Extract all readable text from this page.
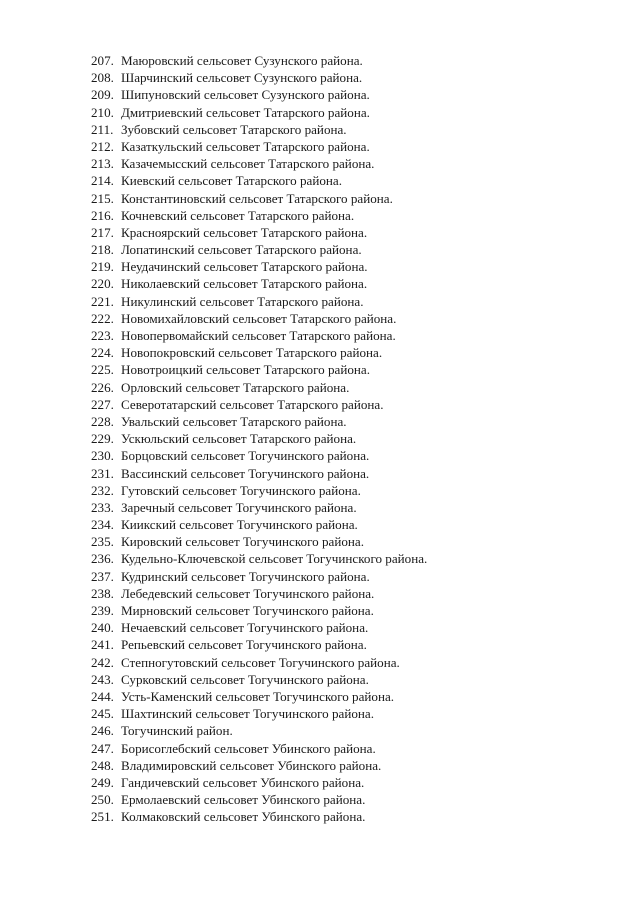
207. Маюровский сельсовет Сузунского района.
208. Шарчинский сельсовет Сузунского района.
209. Шипуновский сельсовет Сузунского района.
210. Дмитриевский сельсовет Татарского района.
211. Зубовский сельсовет Татарского района.
212. Казаткульский сельсовет Татарского района.
213. Казачемысский сельсовет Татарского района.
214. Киевский сельсовет Татарского района.
215. Константиновский сельсовет Татарского района.
216. Кочневский сельсовет Татарского района.
217. Красноярский сельсовет Татарского района.
218. Лопатинский сельсовет Татарского района.
219. Неудачинский сельсовет Татарского района.
220. Николаевский сельсовет Татарского района.
221. Никулинский сельсовет Татарского района.
222. Новомихайловский сельсовет Татарского района.
223. Новопервомайский сельсовет Татарского района.
224. Новопокровский сельсовет Татарского района.
225. Новотроицкий сельсовет Татарского района.
226. Орловский сельсовет Татарского района.
227. Северотатарский сельсовет Татарского района.
228. Увальский сельсовет Татарского района.
229. Ускюльский сельсовет Татарского района.
230. Борцовский сельсовет Тогучинского района.
231. Вассинский сельсовет Тогучинского района.
232. Гутовский сельсовет Тогучинского района.
233. Заречный сельсовет Тогучинского района.
234. Киикский сельсовет Тогучинского района.
235. Кировский сельсовет Тогучинского района.
236. Кудельно-Ключевской сельсовет Тогучинского района.
237. Кудринский сельсовет Тогучинского района.
238. Лебедевский сельсовет Тогучинского района.
239. Мирновский сельсовет Тогучинского района.
240. Нечаевский сельсовет Тогучинского района.
241. Репьевский сельсовет Тогучинского района.
242. Степногутовский сельсовет Тогучинского района.
243. Сурковский сельсовет Тогучинского района.
244. Усть-Каменский сельсовет Тогучинского района.
245. Шахтинский сельсовет Тогучинского района.
246. Тогучинский район.
247. Борисоглебский сельсовет Убинского района.
248. Владимировский сельсовет Убинского района.
249. Гандичевский сельсовет Убинского района.
250. Ермолаевский сельсовет Убинского района.
251. Колмаковский сельсовет Убинского района.
